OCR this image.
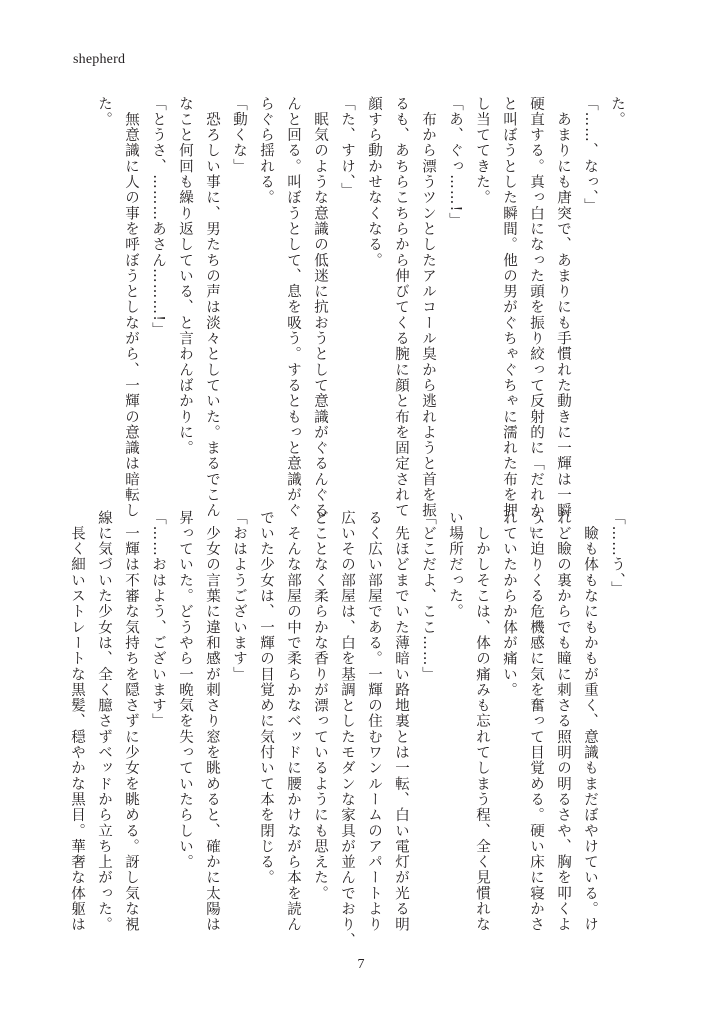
shepherd
た。
「……、なっ、」
　あまりにも唐突で、あまりにも手慣れた動きに一輝は一瞬
硬直する。真っ白になった頭を振り絞って反射的に「だれか、」
と叫ぼうとした瞬間。他の男がぐちゃぐちゃに濡れた布を押
し当ててきた。
「あ、ぐっ……!」
　布から漂うツンとしたアルコール臭から逃れようと首を振
るも、あちらこちらから伸びてくる腕に顔と布を固定されて
顔すら動かせなくなる。
「た、すけ、」
　眠気のような意識の低迷に抗おうとして意識がぐるんぐる
んと回る。叫ぼうとして、息を吸う。するともっと意識がぐ
らぐら揺れる。
「動くな」
　恐ろしい事に、男たちの声は淡々としていた。まるでこん
なこと何回も繰り返している、と言わんばかりに。
「とうさ、………あさん………!」
　無意識に人の事を呼ぼうとしながら、一輝の意識は暗転し
た。
「……う、」
　瞼も体もなにもかもが重く、意識もまだぼやけている。け
れど瞼の裏からでも瞳に刺さる照明の明るさや、胸を叩くよ
うに迫りくる危機感に気を奮って目覚める。硬い床に寝かさ
れていたからか体が痛い。
　しかしそこは、体の痛みも忘れてしまう程、全く見慣れな
い場所だった。
「どこだよ、ここ……」
　先ほどまでいた薄暗い路地裏とは一転、白い電灯が光る明
るく広い部屋である。一輝の住むワンルームのアパートより
広いその部屋は、白を基調としたモダンな家具が並んでおり、
どことなく柔らかな香りが漂っているようにも思えた。
　そんな部屋の中で柔らかなベッドに腰かけながら本を読ん
でいた少女は、一輝の目覚めに気付いて本を閉じる。
「おはようございます」
　少女の言葉に違和感が刺さり窓を眺めると、確かに太陽は
昇っていた。どうやら一晩気を失っていたらしい。
「……おはよう、ございます」
　一輝は不審な気持ちを隠さずに少女を眺める。訝し気な視
線に気づいた少女は、全く臆さずベッドから立ち上がった。
　長く細いストレートな黒髪、穏やかな黒目。華奢な体躯は
7
